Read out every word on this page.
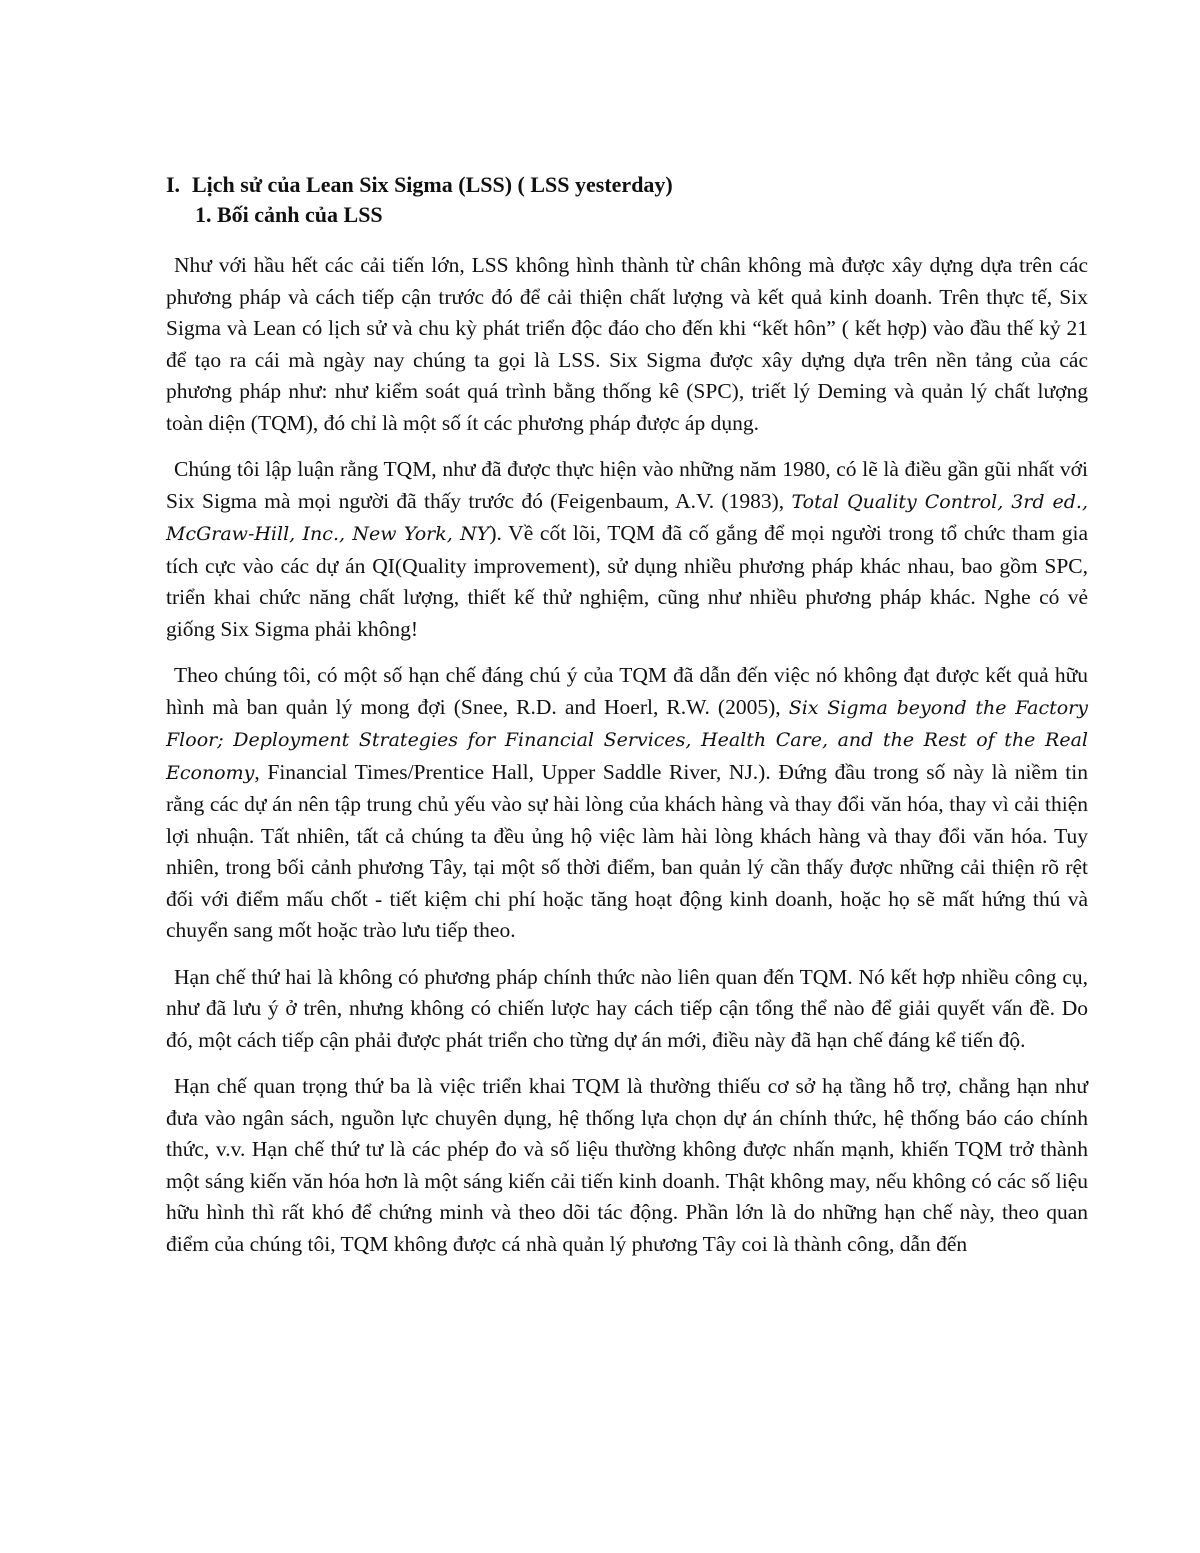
I. Lịch sử của Lean Six Sigma (LSS) ( LSS yesterday)
1. Bối cảnh của LSS

Như với hầu hết các cải tiến lớn, LSS không hình thành từ chân không mà được xây dựng dựa trên các phương pháp và cách tiếp cận trước đó để cải thiện chất lượng và kết quả kinh doanh. Trên thực tế, Six Sigma và Lean có lịch sử và chu kỳ phát triển độc đáo cho đến khi “kết hôn” ( kết hợp) vào đầu thế kỷ 21 để tạo ra cái mà ngày nay chúng ta gọi là LSS. Six Sigma được xây dựng dựa trên nền tảng của các phương pháp như: như kiểm soát quá trình bằng thống kê (SPC), triết lý Deming và quản lý chất lượng toàn diện (TQM), đó chỉ là một số ít các phương pháp được áp dụng.

Chúng tôi lập luận rằng TQM, như đã được thực hiện vào những năm 1980, có lẽ là điều gần gũi nhất với Six Sigma mà mọi người đã thấy trước đó (Feigenbaum, A.V. (1983), Total Quality Control, 3rd ed., McGraw-Hill, Inc., New York, NY). Về cốt lõi, TQM đã cố gắng để mọi người trong tổ chức tham gia tích cực vào các dự án QI(Quality improvement), sử dụng nhiều phương pháp khác nhau, bao gồm SPC, triển khai chức năng chất lượng, thiết kế thử nghiệm, cũng như nhiều phương pháp khác. Nghe có vẻ giống Six Sigma phải không!

Theo chúng tôi, có một số hạn chế đáng chú ý của TQM đã dẫn đến việc nó không đạt được kết quả hữu hình mà ban quản lý mong đợi (Snee, R.D. and Hoerl, R.W. (2005), Six Sigma beyond the Factory Floor; Deployment Strategies for Financial Services, Health Care, and the Rest of the Real Economy, Financial Times/Prentice Hall, Upper Saddle River, NJ.). Đứng đầu trong số này là niềm tin rằng các dự án nên tập trung chủ yếu vào sự hài lòng của khách hàng và thay đổi văn hóa, thay vì cải thiện lợi nhuận. Tất nhiên, tất cả chúng ta đều ủng hộ việc làm hài lòng khách hàng và thay đổi văn hóa. Tuy nhiên, trong bối cảnh phương Tây, tại một số thời điểm, ban quản lý cần thấy được những cải thiện rõ rệt đối với điểm mấu chốt - tiết kiệm chi phí hoặc tăng hoạt động kinh doanh, hoặc họ sẽ mất hứng thú và chuyển sang mốt hoặc trào lưu tiếp theo.

Hạn chế thứ hai là không có phương pháp chính thức nào liên quan đến TQM. Nó kết hợp nhiều công cụ, như đã lưu ý ở trên, nhưng không có chiến lược hay cách tiếp cận tổng thể nào để giải quyết vấn đề. Do đó, một cách tiếp cận phải được phát triển cho từng dự án mới, điều này đã hạn chế đáng kể tiến độ.

Hạn chế quan trọng thứ ba là việc triển khai TQM là thường thiếu cơ sở hạ tầng hỗ trợ, chẳng hạn như đưa vào ngân sách, nguồn lực chuyên dụng, hệ thống lựa chọn dự án chính thức, hệ thống báo cáo chính thức, v.v. Hạn chế thứ tư là các phép đo và số liệu thường không được nhấn mạnh, khiến TQM trở thành một sáng kiến văn hóa hơn là một sáng kiến cải tiến kinh doanh. Thật không may, nếu không có các số liệu hữu hình thì rất khó để chứng minh và theo dõi tác động. Phần lớn là do những hạn chế này, theo quan điểm của chúng tôi, TQM không được cá nhà quản lý phương Tây coi là thành công, dẫn đến
